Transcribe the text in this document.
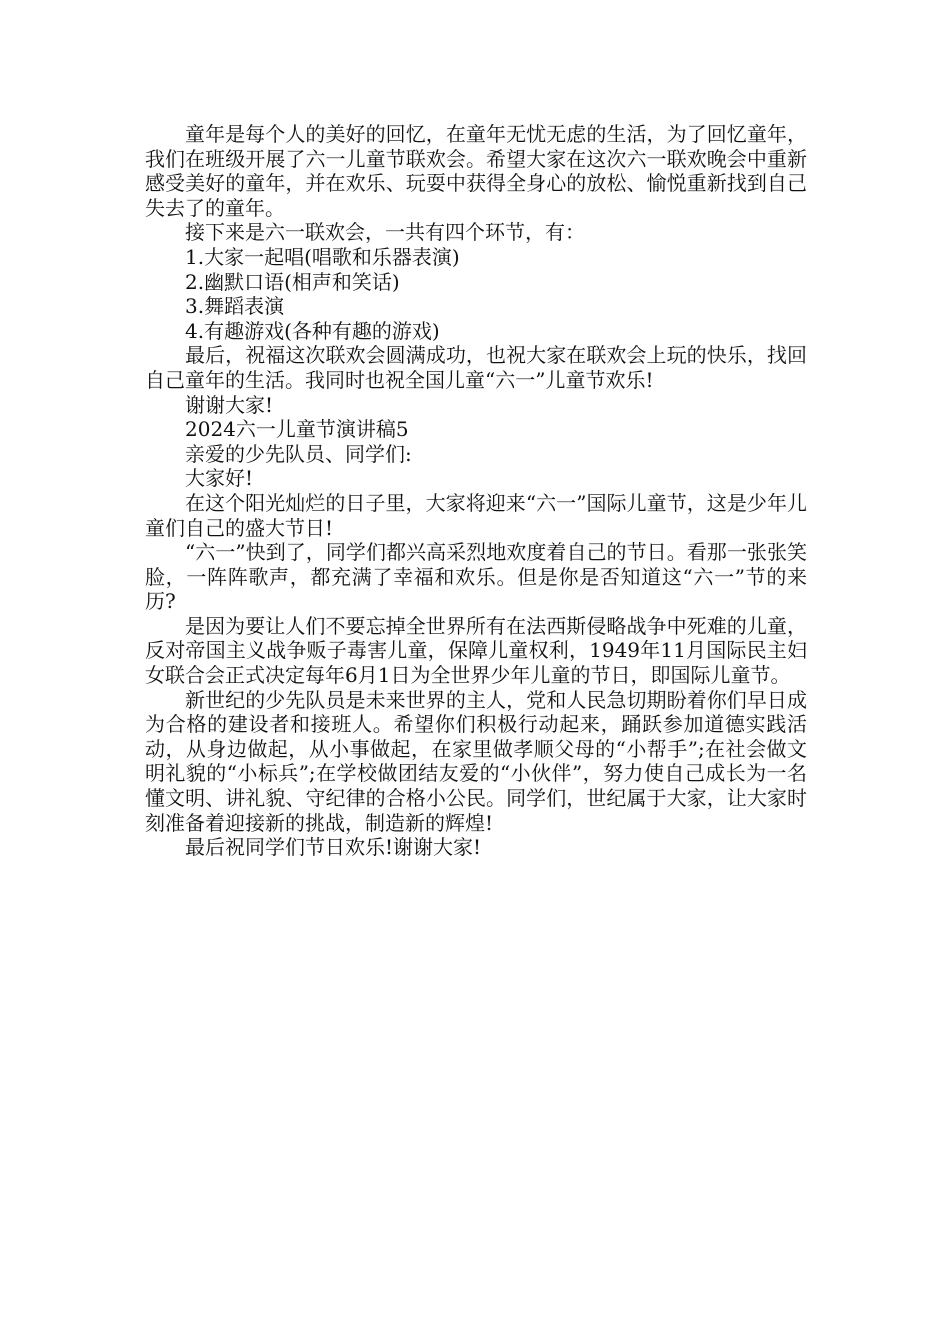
童年是每个人的美好的回忆，在童年无忧无虑的生活，为了回忆童年，我们在班级开展了六一儿童节联欢会。希望大家在这次六一联欢晚会中重新感受美好的童年，并在欢乐、玩耍中获得全身心的放松、愉悦重新找到自己失去了的童年。

接下来是六一联欢会，一共有四个环节，有：

1.大家一起唱(唱歌和乐器表演)

2.幽默口语(相声和笑话)

3.舞蹈表演

4.有趣游戏(各种有趣的游戏)

最后，祝福这次联欢会圆满成功，也祝大家在联欢会上玩的快乐，找回自己童年的生活。我同时也祝全国儿童“六一”儿童节欢乐!

谢谢大家!

2024六一儿童节演讲稿5

亲爱的少先队员、同学们:

大家好!

在这个阳光灿烂的日子里，大家将迎来“六一”国际儿童节，这是少年儿童们自己的盛大节日!

“六一”快到了，同学们都兴高采烈地欢度着自己的节日。看那一张张笑脸，一阵阵歌声，都充满了幸福和欢乐。但是你是否知道这“六一”节的来历?

是因为要让人们不要忘掉全世界所有在法西斯侵略战争中死难的儿童，反对帝国主义战争贩子毒害儿童，保障儿童权利，1949年11月国际民主妇女联合会正式决定每年6月1日为全世界少年儿童的节日，即国际儿童节。

新世纪的少先队员是未来世界的主人，党和人民急切期盼着你们早日成为合格的建设者和接班人。希望你们积极行动起来，踊跃参加道德实践活动，从身边做起，从小事做起，在家里做孝顺父母的“小帮手”;在社会做文明礼貌的“小标兵”;在学校做团结友爱的“小伙伴”，努力使自己成长为一名懂文明、讲礼貌、守纪律的合格小公民。同学们，世纪属于大家，让大家时刻准备着迎接新的挑战，制造新的辉煌!

最后祝同学们节日欢乐!谢谢大家!
